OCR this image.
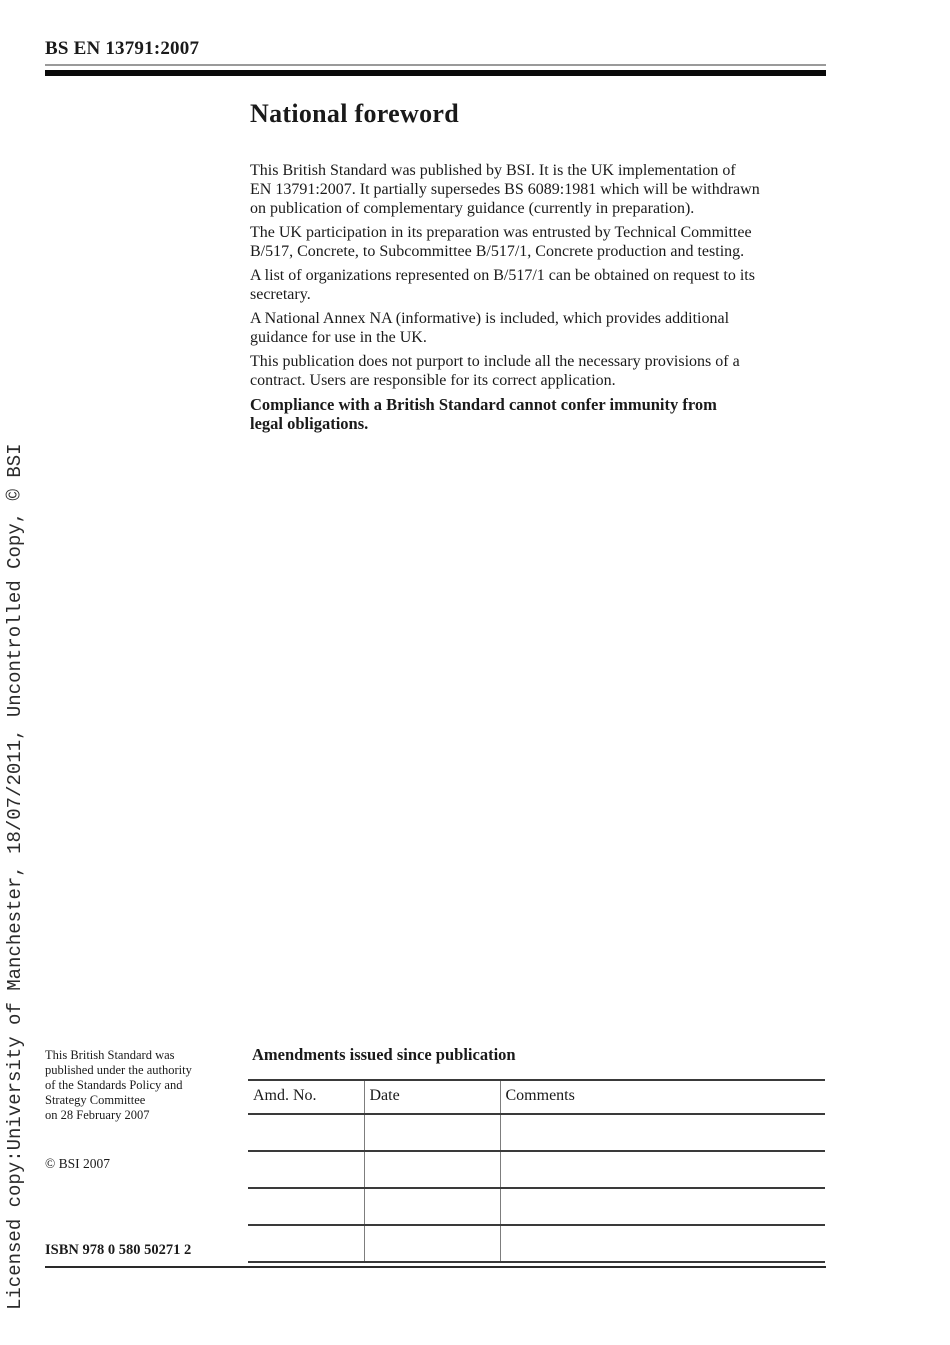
BS EN 13791:2007
National foreword
This British Standard was published by BSI. It is the UK implementation of
EN 13791:2007. It partially supersedes BS 6089:1981 which will be withdrawn
on publication of complementary guidance (currently in preparation).
The UK participation in its preparation was entrusted by Technical Committee
B/517, Concrete, to Subcommittee B/517/1, Concrete production and testing.
A list of organizations represented on B/517/1 can be obtained on request to its
secretary.
A National Annex NA (informative) is included, which provides additional
guidance for use in the UK.
This publication does not purport to include all the necessary provisions of a
contract. Users are responsible for its correct application.
Compliance with a British Standard cannot confer immunity from
legal obligations.
Licensed copy:University of Manchester, 18/07/2011, Uncontrolled Copy, © BSI This British Standard was
published under the authority
of the Standards Policy and
Strategy Committee
on 28 February 2007
© BSI 2007
ISBN 978 0 580 50271 2
Amendments issued since publication
Amd. No.	Date	Comments
